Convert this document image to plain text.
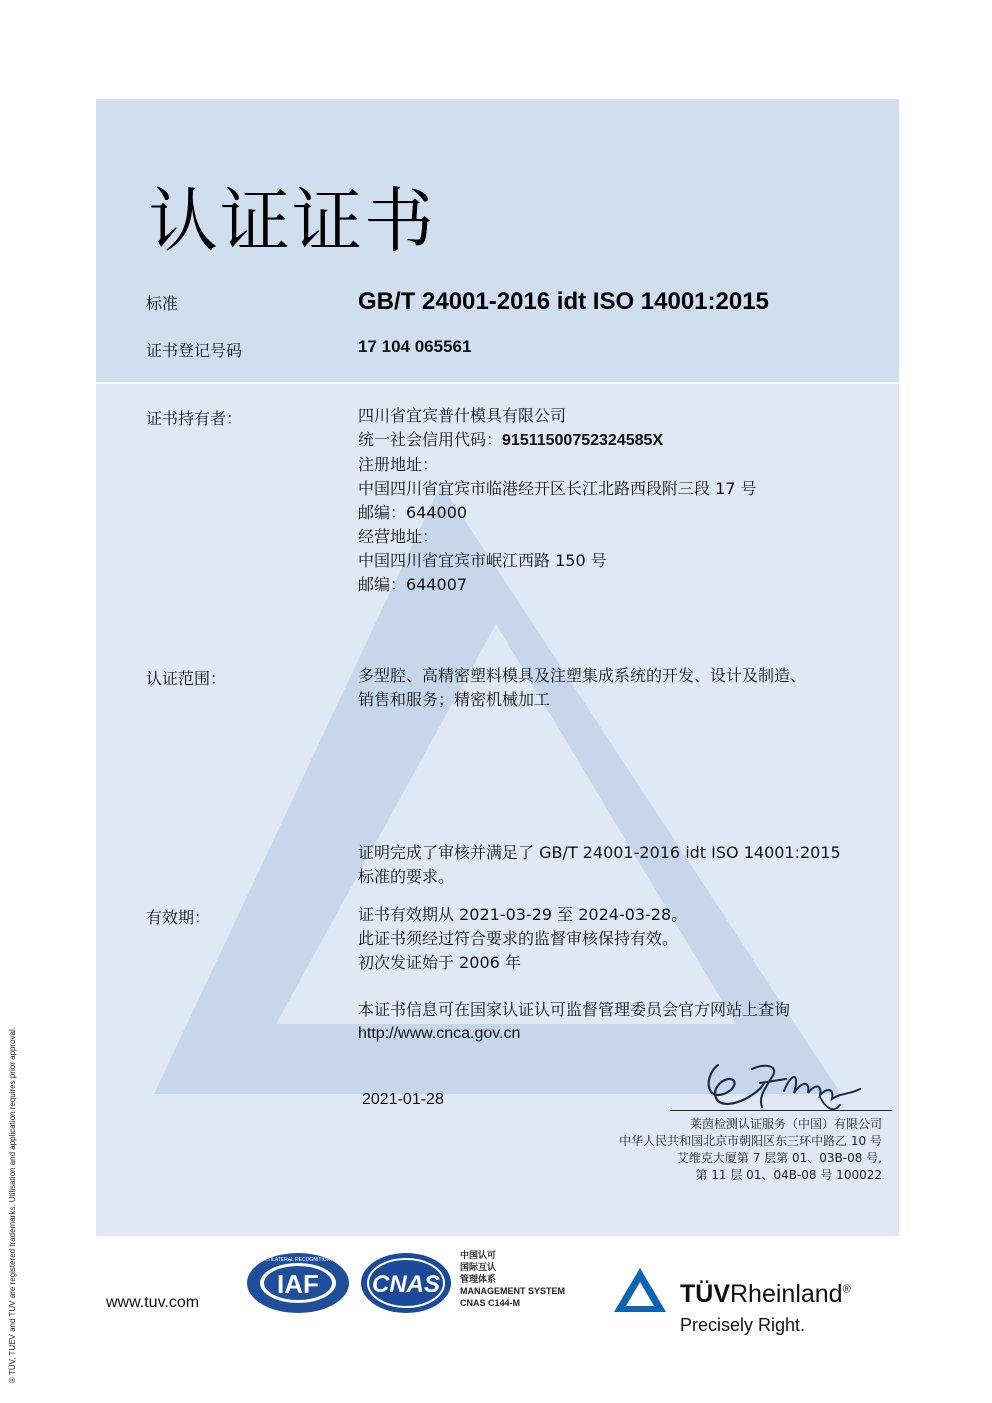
认证证书
标准	GB/T 24001-2016 idt ISO 14001:2015
证书登记号码	17 104 065561
证书持有者：	四川省宜宾普什模具有限公司
统一社会信用代码：91511500752324585X
注册地址：
中国四川省宜宾市临港经开区长江北路西段附三段 17 号
邮编：644000
经营地址：
中国四川省宜宾市岷江西路 150 号
邮编：644007
认证范围：	多型腔、高精密塑料模具及注塑集成系统的开发、设计及制造、
销售和服务；精密机械加工
证明完成了审核并满足了 GB/T 24001-2016 idt ISO 14001:2015
标准的要求。
有效期：	证书有效期从 2021-03-29 至 2024-03-28。
此证书须经过符合要求的监督审核保持有效。
初次发证始于 2006 年
本证书信息可在国家认证认可监督管理委员会官方网站上查询
http://www.cnca.gov.cn
2021-01-28
莱茵检测认证服务（中国）有限公司
中华人民共和国北京市朝阳区东三环中路乙 10 号
艾维克大厦第 7 层第 01、03B-08 号,
第 11 层 01、04B-08 号 100022
® TÜV, TUEV and TUV are registered trademarks. Utilisation and application requires prior approval.	www.tuv.com
IAF
MEMBER OF MULTILATERAL RECOGNITION ARRANGEMENT
CNAS
中国认可
国际互认
管理体系
MANAGEMENT SYSTEM
CNAS C144-M	TÜVRheinland®
Precisely Right.
